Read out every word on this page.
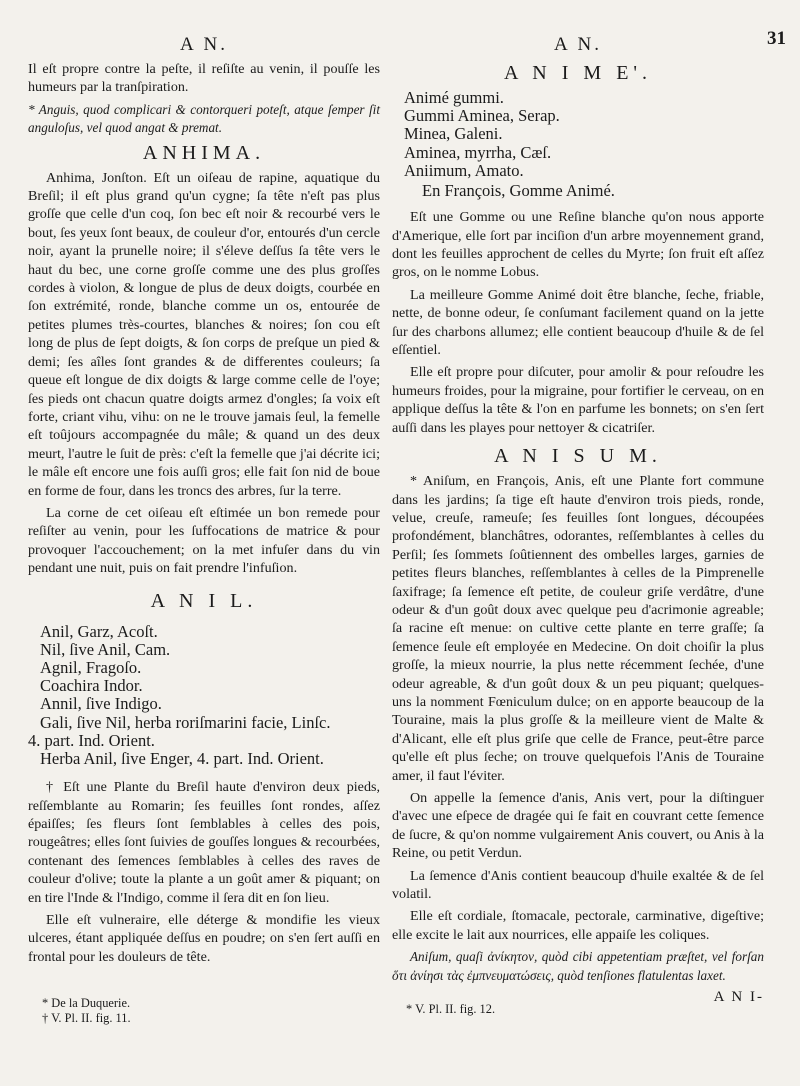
A N.

Il eſt propre contre la peſte, il reſiſte au venin, il pouſſe les humeurs par la tranſpiration.

* Anguis, quod complicari & contorqueri poteſt, atque ſemper ſit anguloſus, vel quod angat & premat.

ANHIMA.

Anhima, Jonſton. Eſt un oiſeau de rapine, aquatique du Breſil; il eſt plus grand qu'un cygne; ſa tête n'eſt pas plus groſſe que celle d'un coq, ſon bec eſt noir & recourbé vers le bout, ſes yeux ſont beaux, de couleur d'or, entourés d'un cercle noir, ayant la prunelle noire; il s'éleve deſſus ſa tête vers le haut du bec, une corne groſſe comme une des plus groſſes cordes à violon, & longue de plus de deux doigts, courbée en ſon extrémité, ronde, blanche comme un os, entourée de petites plumes très-courtes, blanches & noires; ſon cou eſt long de plus de ſept doigts, & ſon corps de preſque un pied & demi; ſes aîles ſont grandes & de differentes couleurs; ſa queue eſt longue de dix doigts & large comme celle de l'oye; ſes pieds ont chacun quatre doigts armez d'ongles; ſa voix eſt forte, criant vihu, vihu: on ne le trouve jamais ſeul, la femelle eſt toûjours accompagnée du mâle; & quand un des deux meurt, l'autre le ſuit de près: c'eſt la femelle que j'ai décrite ici; le mâle eſt encore une fois auſſi gros; elle fait ſon nid de boue en forme de four, dans les troncs des arbres, ſur la terre.

La corne de cet oiſeau eſt eſtimée un bon remede pour reſiſter au venin, pour les ſuffocations de matrice & pour provoquer l'accouchement; on la met infuſer dans du vin pendant une nuit, puis on fait prendre l'infuſion.

A N I L.
Anil, Garz, Acoſt.
Nil, ſive Anil, Cam.
Agnil, Fragoſo.
Coachira Indor.
Annil, ſive Indigo.
Gali, ſive Nil, herba roriſmarini facie, Linſc.
4. part. Ind. Orient.
Herba Anil, ſive Enger, 4. part. Ind. Orient.

† Eſt une Plante du Breſil haute d'environ deux pieds, reſſemblante au Romarin; ſes feuilles ſont rondes, aſſez épaiſſes; ſes fleurs ſont ſemblables à celles des pois, rougeâtres; elles ſont ſuivies de gouſſes longues & recourbées, contenant des ſemences ſemblables à celles des raves de couleur d'olive; toute la plante a un goût amer & piquant; on en tire l'Inde & l'Indigo, comme il ſera dit en ſon lieu.

Elle eſt vulneraire, elle déterge & mondifie les vieux ulceres, étant appliquée deſſus en poudre; on s'en ſert auſſi en frontal pour les douleurs de tête.

* De la Duquerie.
† V. Pl. II. fig. 11.
31
A N.
A N I M E'.
Animé gummi.
Gummi Aminea, Serap.
Minea, Galeni.
Aminea, myrrha, Cæſ.
Aniimum, Amato.
En François, Gomme Animé.

Eſt une Gomme ou une Reſine blanche qu'on nous apporte d'Amerique, elle ſort par inciſion d'un arbre moyennement grand, dont les feuilles approchent de celles du Myrte; ſon fruit eſt aſſez gros, on le nomme Lobus.

La meilleure Gomme Animé doit être blanche, ſeche, friable, nette, de bonne odeur, ſe conſumant facilement quand on la jette ſur des charbons allumez; elle contient beaucoup d'huile & de ſel eſſentiel.

Elle eſt propre pour diſcuter, pour amolir & pour reſoudre les humeurs froides, pour la migraine, pour fortifier le cerveau, on en applique deſſus la tête & l'on en parfume les bonnets; on s'en ſert auſſi dans les playes pour nettoyer & cicatriſer.

A N I S U M.

* Aniſum, en François, Anis, eſt une Plante fort commune dans les jardins; ſa tige eſt haute d'environ trois pieds, ronde, velue, creuſe, rameuſe; ſes feuilles ſont longues, découpées profondément, blanchâtres, odorantes, reſſemblantes à celles du Perſil; ſes ſommets ſoûtiennent des ombelles larges, garnies de petites fleurs blanches, reſſemblantes à celles de la Pimprenelle ſaxifrage; ſa ſemence eſt petite, de couleur griſe verdâtre, d'une odeur & d'un goût doux avec quelque peu d'acrimonie agreable; ſa racine eſt menue: on cultive cette plante en terre graſſe; ſa ſemence ſeule eſt employée en Medecine. On doit choiſir la plus groſſe, la mieux nourrie, la plus nette récemment ſechée, d'une odeur agreable, & d'un goût doux & un peu piquant; quelques-uns la nomment Fœniculum dulce; on en apporte beaucoup de la Touraine, mais la plus groſſe & la meilleure vient de Malte & d'Alicant, elle eſt plus griſe que celle de France, peut-être parce qu'elle eſt plus ſeche; on trouve quelquefois l'Anis de Touraine amer, il faut l'éviter.

On appelle la ſemence d'anis, Anis vert, pour la diſtinguer d'avec une eſpece de dragée qui ſe fait en couvrant cette ſemence de ſucre, & qu'on nomme vulgairement Anis couvert, ou Anis à la Reine, ou petit Verdun.

La ſemence d'Anis contient beaucoup d'huile exaltée & de ſel volatil.

Elle eſt cordiale, ſtomacale, pectorale, carminative, digeſtive; elle excite le lait aux nourrices, elle appaiſe les coliques.

Aniſum, quaſi ἀνίκητον, quòd cibi appetentiam præſtet, vel forſan ὅτι ἀνίησι τὰς ἐμπνευματώσεις, quòd tenſiones flatulentas laxet.

A N I-
* V. Pl. II. fig. 12.
